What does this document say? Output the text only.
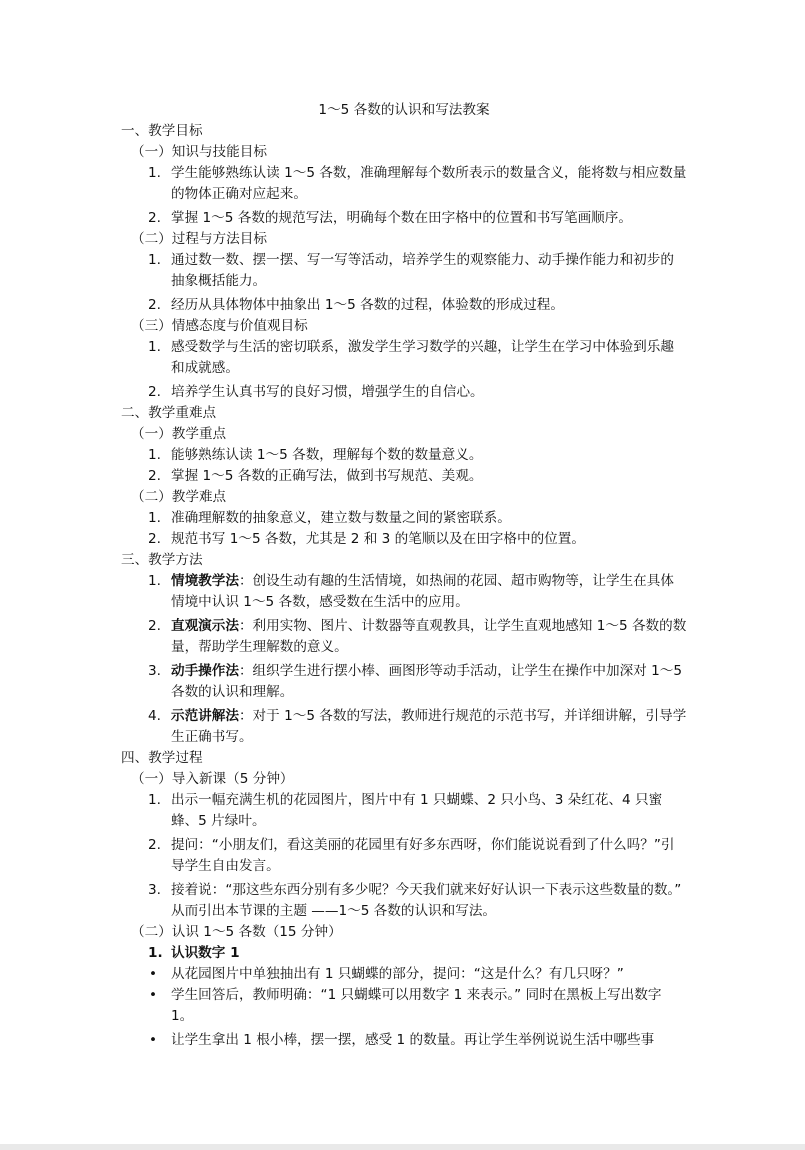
1～5 各数的认识和写法教案
一、教学目标
（一）知识与技能目标
1. 学生能够熟练认读 1～5 各数，准确理解每个数所表示的数量含义，能将数与相应数量的物体正确对应起来。
2. 掌握 1～5 各数的规范写法，明确每个数在田字格中的位置和书写笔画顺序。
（二）过程与方法目标
1. 通过数一数、摆一摆、写一写等活动，培养学生的观察能力、动手操作能力和初步的抽象概括能力。
2. 经历从具体物体中抽象出 1～5 各数的过程，体验数的形成过程。
（三）情感态度与价值观目标
1. 感受数学与生活的密切联系，激发学生学习数学的兴趣，让学生在学习中体验到乐趣和成就感。
2. 培养学生认真书写的良好习惯，增强学生的自信心。
二、教学重难点
（一）教学重点
1. 能够熟练认读 1～5 各数，理解每个数的数量意义。
2. 掌握 1～5 各数的正确写法，做到书写规范、美观。
（二）教学难点
1. 准确理解数的抽象意义，建立数与数量之间的紧密联系。
2. 规范书写 1～5 各数，尤其是 2 和 3 的笔顺以及在田字格中的位置。
三、教学方法
1. 情境教学法：创设生动有趣的生活情境，如热闹的花园、超市购物等，让学生在具体情境中认识 1～5 各数，感受数在生活中的应用。
2. 直观演示法：利用实物、图片、计数器等直观教具，让学生直观地感知 1～5 各数的数量，帮助学生理解数的意义。
3. 动手操作法：组织学生进行摆小棒、画图形等动手活动，让学生在操作中加深对 1～5 各数的认识和理解。
4. 示范讲解法：对于 1～5 各数的写法，教师进行规范的示范书写，并详细讲解，引导学生正确书写。
四、教学过程
（一）导入新课（5 分钟）
1. 出示一幅充满生机的花园图片，图片中有 1 只蝴蝶、2 只小鸟、3 朵红花、4 只蜜蜂、5 片绿叶。
2. 提问：“小朋友们，看这美丽的花园里有好多东西呀，你们能说说看到了什么吗？”引导学生自由发言。
3. 接着说：“那这些东西分别有多少呢？今天我们就来好好认识一下表示这些数量的数。” 从而引出本节课的主题 ——1～5 各数的认识和写法。
（二）认识 1～5 各数（15 分钟）
1. 认识数字 1
• 从花园图片中单独抽出有 1 只蝴蝶的部分，提问：“这是什么？有几只呀？”
• 学生回答后，教师明确：“1 只蝴蝶可以用数字 1 来表示。” 同时在黑板上写出数字 1。
• 让学生拿出 1 根小棒，摆一摆，感受 1 的数量。再让学生举例说说生活中哪些事
